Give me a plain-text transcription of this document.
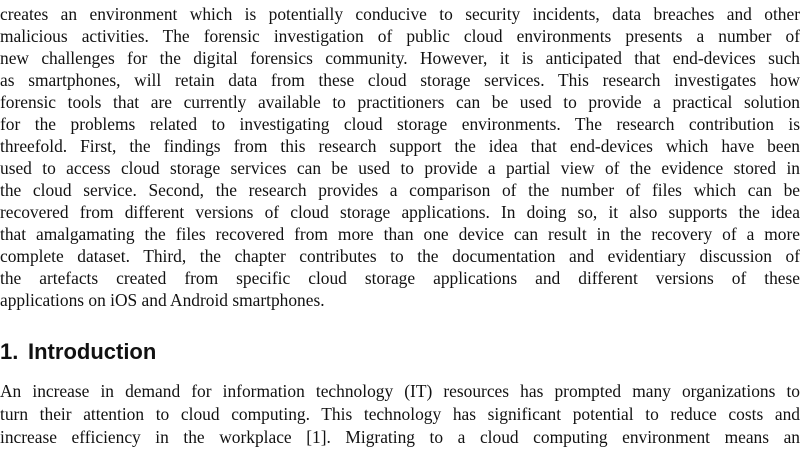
creates an environment which is potentially conducive to security incidents, data breaches and other
malicious activities. The forensic investigation of public cloud environments presents a number of
new challenges for the digital forensics community. However, it is anticipated that end-devices such
as smartphones, will retain data from these cloud storage services. This research investigates how
forensic tools that are currently available to practitioners can be used to provide a practical solution
for the problems related to investigating cloud storage environments. The research contribution is
threefold. First, the findings from this research support the idea that end-devices which have been
used to access cloud storage services can be used to provide a partial view of the evidence stored in
the cloud service. Second, the research provides a comparison of the number of files which can be
recovered from different versions of cloud storage applications. In doing so, it also supports the idea
that amalgamating the files recovered from more than one device can result in the recovery of a more
complete dataset. Third, the chapter contributes to the documentation and evidentiary discussion of
the artefacts created from specific cloud storage applications and different versions of these
applications on iOS and Android smartphones.
1. Introduction
An increase in demand for information technology (IT) resources has prompted many organizations to
turn their attention to cloud computing. This technology has significant potential to reduce costs and
increase efficiency in the workplace [1]. Migrating to a cloud computing environment means an
